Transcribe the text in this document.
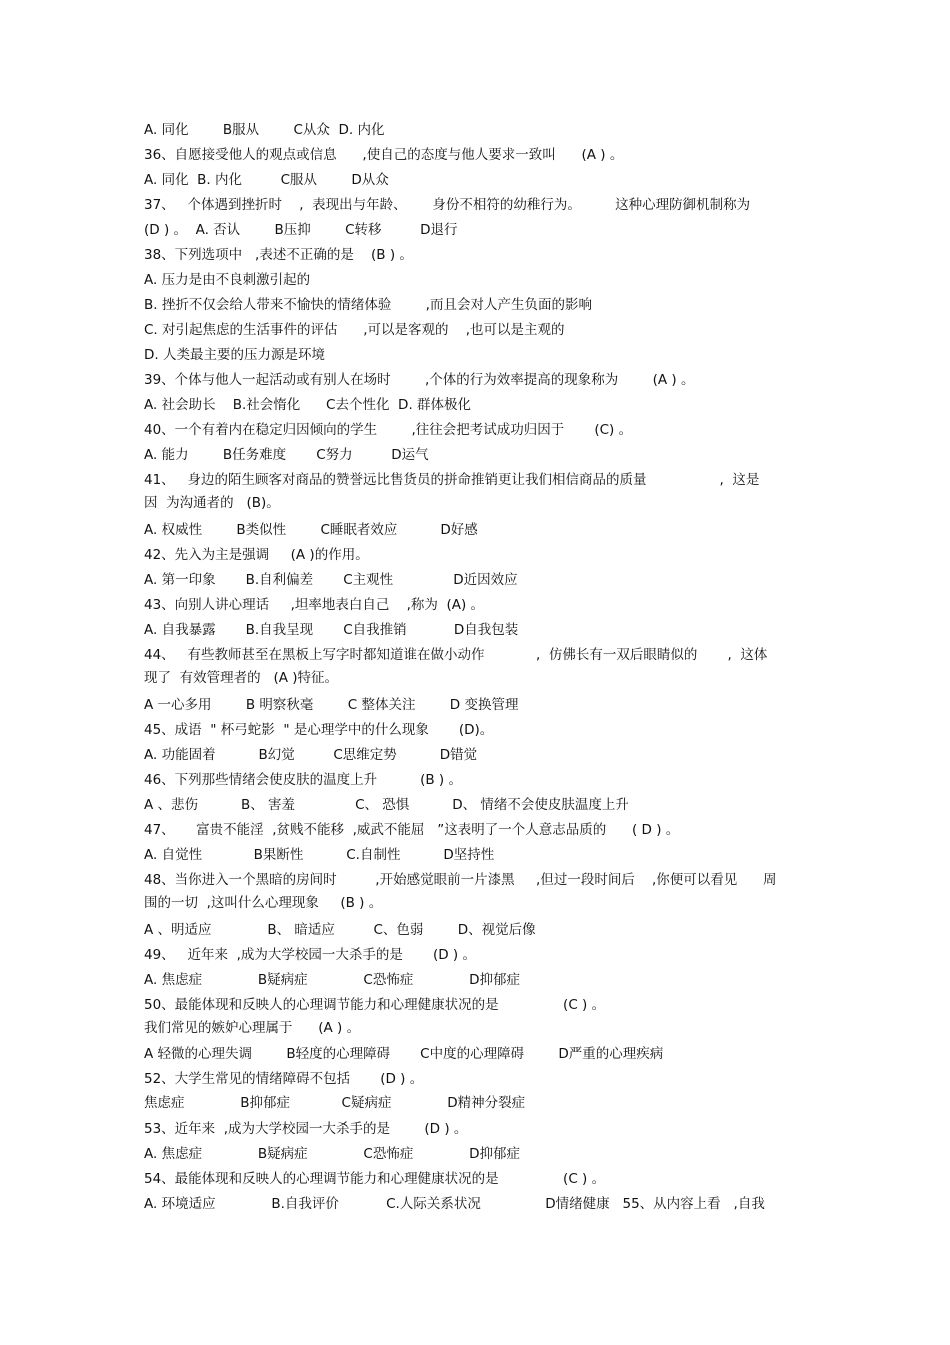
A. 同化        B服从        C从众  D. 内化
36、自愿接受他人的观点或信息      ,使自己的态度与他人要求一致叫      (A ) 。
A. 同化  B. 内化         C服从        D从众
37、   个体遇到挫折时    ,  表现出与年龄、      身份不相符的幼稚行为。        这种心理防御机制称为
(D ) 。  A. 否认        B压抑        C转移         D退行
38、下列选项中   ,表述不正确的是    (B ) 。
A. 压力是由不良刺激引起的
B. 挫折不仅会给人带来不愉快的情绪体验        ,而且会对人产生负面的影响
C. 对引起焦虑的生活事件的评估      ,可以是客观的    ,也可以是主观的
D. 人类最主要的压力源是环境
39、个体与他人一起活动或有别人在场时        ,个体的行为效率提高的现象称为        (A ) 。
A. 社会助长    B.社会惰化      C去个性化  D. 群体极化
40、一个有着内在稳定归因倾向的学生        ,往往会把考试成功归因于       (C) 。
A. 能力        B任务难度       C努力         D运气
41、   身边的陌生顾客对商品的赞誉远比售货员的拼命推销更让我们相信商品的质量                 ,  这是
因  为沟通者的   (B)。
A. 权威性        B类似性        C睡眠者效应          D好感
42、先入为主是强调     (A )的作用。
A. 第一印象       B.自利偏差       C主观性              D近因效应
43、向别人讲心理话     ,坦率地表白自己    ,称为  (A) 。
A. 自我暴露       B.自我呈现       C自我推销           D自我包装
44、   有些教师甚至在黑板上写字时都知道谁在做小动作            ,  仿佛长有一双后眼睛似的       ,  这体
现了  有效管理者的   (A )特征。
A 一心多用        B 明察秋毫        C 整体关注        D 变换管理
45、成语  " 杯弓蛇影  " 是心理学中的什么现象       (D)。
A. 功能固着          B幻觉         C思维定势          D错觉
46、下列那些情绪会使皮肤的温度上升          (B ) 。
A 、悲伤          B、 害羞              C、 恐惧          D、 情绪不会使皮肤温度上升
47、     富贵不能淫  ,贫贱不能移  ,威武不能屈   ”这表明了一个人意志品质的      ( D ) 。
A. 自觉性            B果断性          C.自制性          D坚持性
48、当你进入一个黑暗的房间时         ,开始感觉眼前一片漆黑     ,但过一段时间后    ,你便可以看见      周
围的一切  ,这叫什么心理现象     (B ) 。
A 、明适应             B、 暗适应         C、色弱        D、视觉后像
49、   近年来  ,成为大学校园一大杀手的是       (D ) 。
A. 焦虑症             B疑病症             C恐怖症             D抑郁症
50、最能体现和反映人的心理调节能力和心理健康状况的是               (C ) 。
我们常见的嫉妒心理属于      (A ) 。
A 轻微的心理失调        B轻度的心理障碍       C中度的心理障碍        D严重的心理疾病
52、大学生常见的情绪障碍不包括       (D ) 。
焦虑症             B抑郁症            C疑病症             D精神分裂症
53、近年来  ,成为大学校园一大杀手的是        (D ) 。
A. 焦虑症             B疑病症             C恐怖症             D抑郁症
54、最能体现和反映人的心理调节能力和心理健康状况的是               (C ) 。
A. 环境适应             B.自我评价           C.人际关系状况               D情绪健康   55、从内容上看   ,自我
